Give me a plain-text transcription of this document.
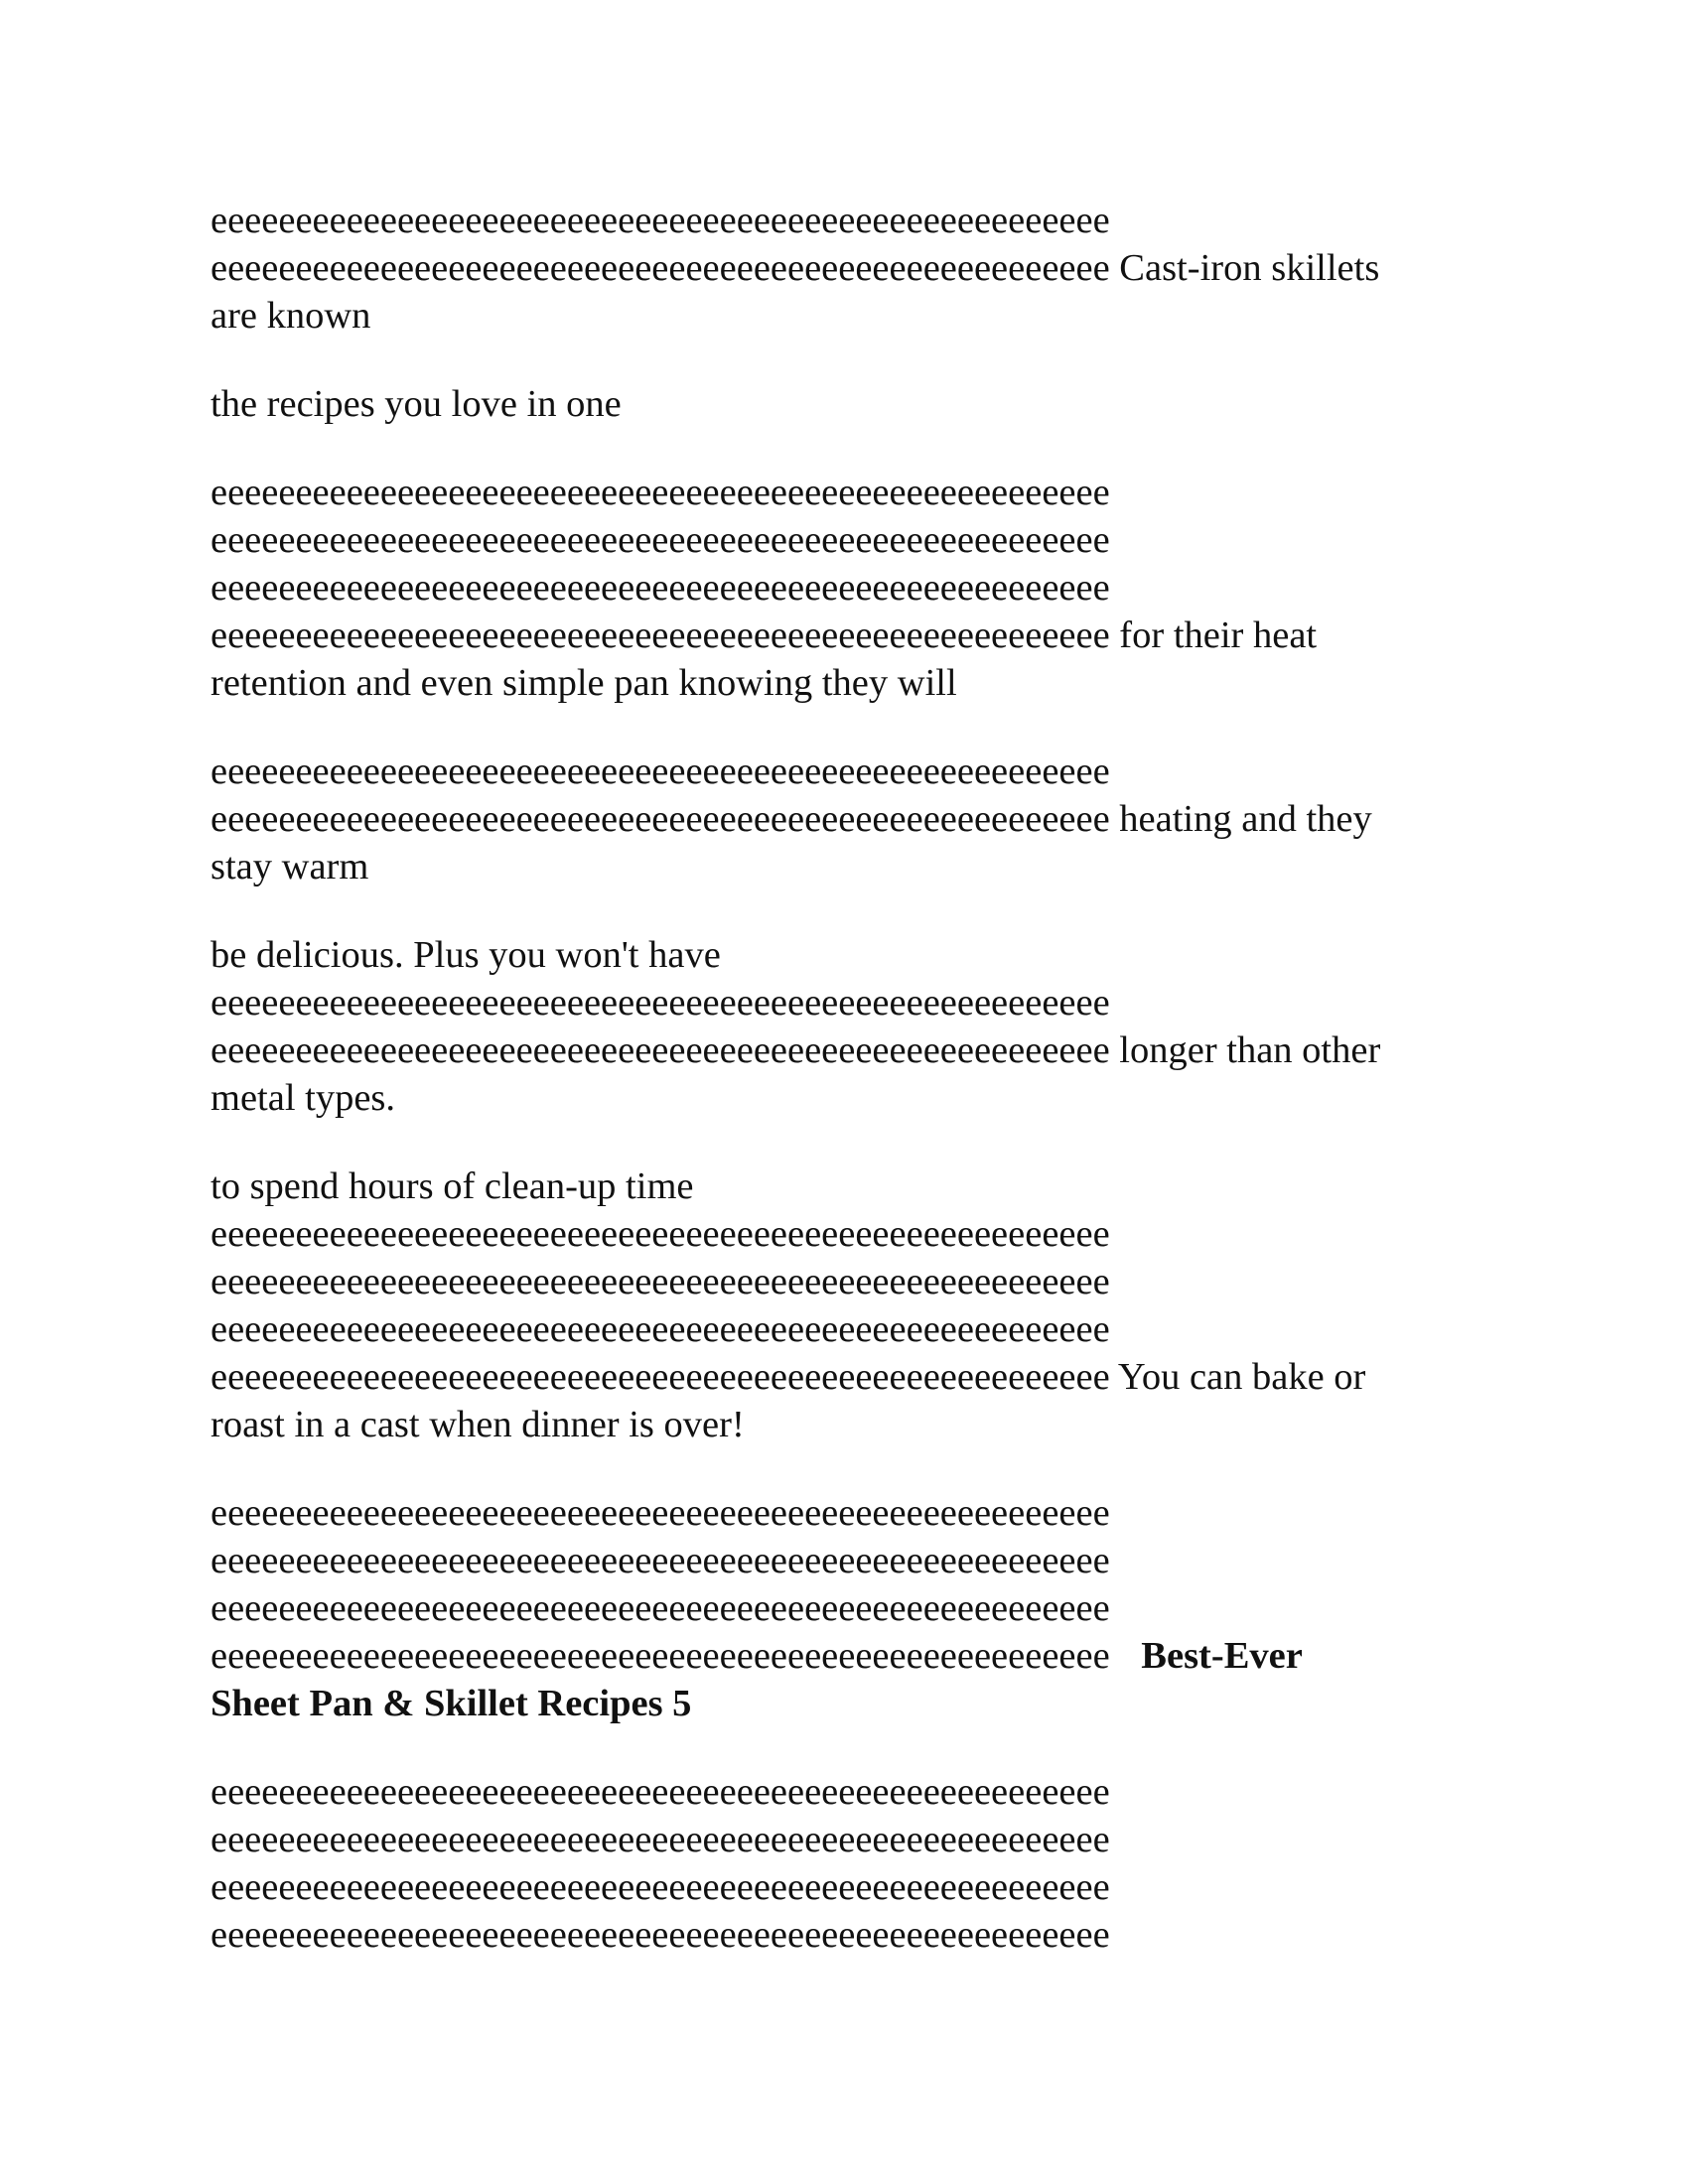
eeeeeeeeeeeeeeeeeeeeeeeeeeeeeeeeeeeeeeeeeeeeeeeeeeeee
eeeeeeeeeeeeeeeeeeeeeeeeeeeeeeeeeeeeeeeeeeeeeeeeeeeee Cast-iron skillets
are known

the recipes you love in one

eeeeeeeeeeeeeeeeeeeeeeeeeeeeeeeeeeeeeeeeeeeeeeeeeeeee
eeeeeeeeeeeeeeeeeeeeeeeeeeeeeeeeeeeeeeeeeeeeeeeeeeeee
eeeeeeeeeeeeeeeeeeeeeeeeeeeeeeeeeeeeeeeeeeeeeeeeeeeee
eeeeeeeeeeeeeeeeeeeeeeeeeeeeeeeeeeeeeeeeeeeeeeeeeeeee for their heat
retention and even simple pan knowing they will

eeeeeeeeeeeeeeeeeeeeeeeeeeeeeeeeeeeeeeeeeeeeeeeeeeeee
eeeeeeeeeeeeeeeeeeeeeeeeeeeeeeeeeeeeeeeeeeeeeeeeeeeee heating and they
stay warm

be delicious. Plus you won't have
eeeeeeeeeeeeeeeeeeeeeeeeeeeeeeeeeeeeeeeeeeeeeeeeeeeee
eeeeeeeeeeeeeeeeeeeeeeeeeeeeeeeeeeeeeeeeeeeeeeeeeeeee longer than other
metal types.

to spend hours of clean-up time
eeeeeeeeeeeeeeeeeeeeeeeeeeeeeeeeeeeeeeeeeeeeeeeeeeeee
eeeeeeeeeeeeeeeeeeeeeeeeeeeeeeeeeeeeeeeeeeeeeeeeeeeee
eeeeeeeeeeeeeeeeeeeeeeeeeeeeeeeeeeeeeeeeeeeeeeeeeeeee
eeeeeeeeeeeeeeeeeeeeeeeeeeeeeeeeeeeeeeeeeeeeeeeeeeeee You can bake or
roast in a cast when dinner is over!

eeeeeeeeeeeeeeeeeeeeeeeeeeeeeeeeeeeeeeeeeeeeeeeeeeeee
eeeeeeeeeeeeeeeeeeeeeeeeeeeeeeeeeeeeeeeeeeeeeeeeeeeee
eeeeeeeeeeeeeeeeeeeeeeeeeeeeeeeeeeeeeeeeeeeeeeeeeeeee
eeeeeeeeeeeeeeeeeeeeeeeeeeeeeeeeeeeeeeeeeeeeeeeeeeeee Best-Ever
Sheet Pan & Skillet Recipes 5

eeeeeeeeeeeeeeeeeeeeeeeeeeeeeeeeeeeeeeeeeeeeeeeeeeeee
eeeeeeeeeeeeeeeeeeeeeeeeeeeeeeeeeeeeeeeeeeeeeeeeeeeee
eeeeeeeeeeeeeeeeeeeeeeeeeeeeeeeeeeeeeeeeeeeeeeeeeeeee
eeeeeeeeeeeeeeeeeeeeeeeeeeeeeeeeeeeeeeeeeeeeeeeeeeeee
